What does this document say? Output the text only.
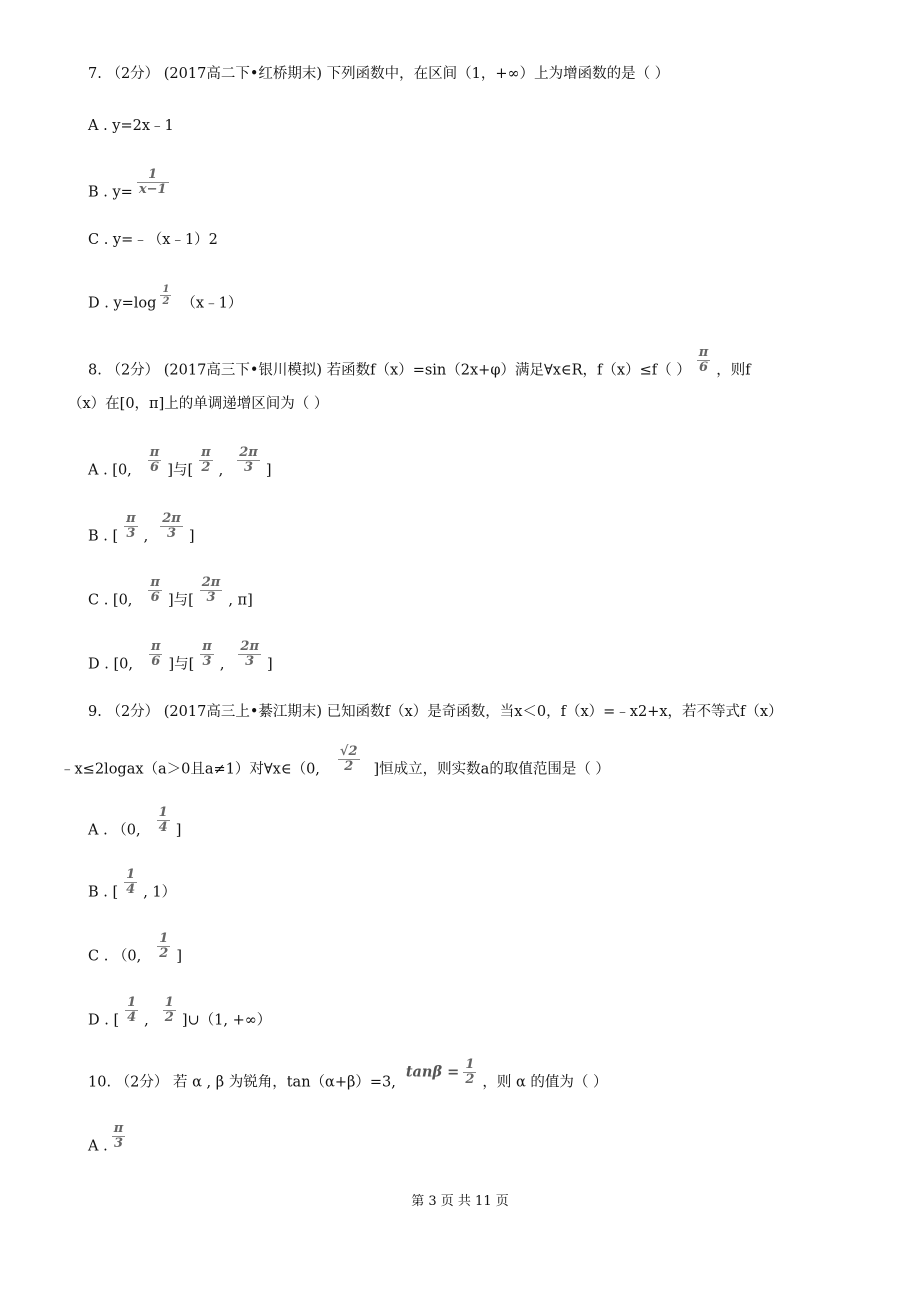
7. （2分） (2017高二下•红桥期末) 下列函数中，在区间（1，+∞）上为增函数的是（ ）
A . y=2x﹣1
B . $y= \frac{1}{x-1}$
C . y=﹣（x﹣1）2
D . $y=\log \frac{1}{2}$ （x﹣1）
8. （2分） (2017高三下•银川模拟) 若函数f（x）=sin（2x+φ）满足∀x∈R，f（x）≤f（ ） $\frac{\pi}{6}$ ，则f
（x）在[0，π]上的单调递增区间为（ ）
A . [0, $\frac{\pi}{6}$ ]与[ $\frac{\pi}{2}$ , $\frac{2\pi}{3}$ ]
B . [ $\frac{\pi}{3}$ , $\frac{2\pi}{3}$ ]
C . [0, $\frac{\pi}{6}$ ]与[ $\frac{2\pi}{3}$ , π]
D . [0, $\frac{\pi}{6}$ ]与[ $\frac{\pi}{3}$ , $\frac{2\pi}{3}$ ]
9. （2分） (2017高三上•綦江期末) 已知函数f（x）是奇函数，当x＜0，f（x）=﹣x2+x，若不等式f（x）
﹣x≤2logax（a＞0且a≠1）对∀x∈（0, $\frac{√2}{2}$ ]恒成立，则实数a的取值范围是（ ）
A . （0, $\frac{1}{4}$ ]
B . [ $\frac{1}{4}$ , 1）
C . （0, $\frac{1}{2}$ ]
D . [ $\frac{1}{4}$ , $\frac{1}{2}$ ]∪（1, +∞）
10. （2分） 若 α , β 为锐角，$\tan(\alpha+\beta)=3,\tan\beta = \frac{1}{2}$ ，则 α 的值为（ ）
A . $\frac{\pi}{3}$
第 3 页 共 11 页
